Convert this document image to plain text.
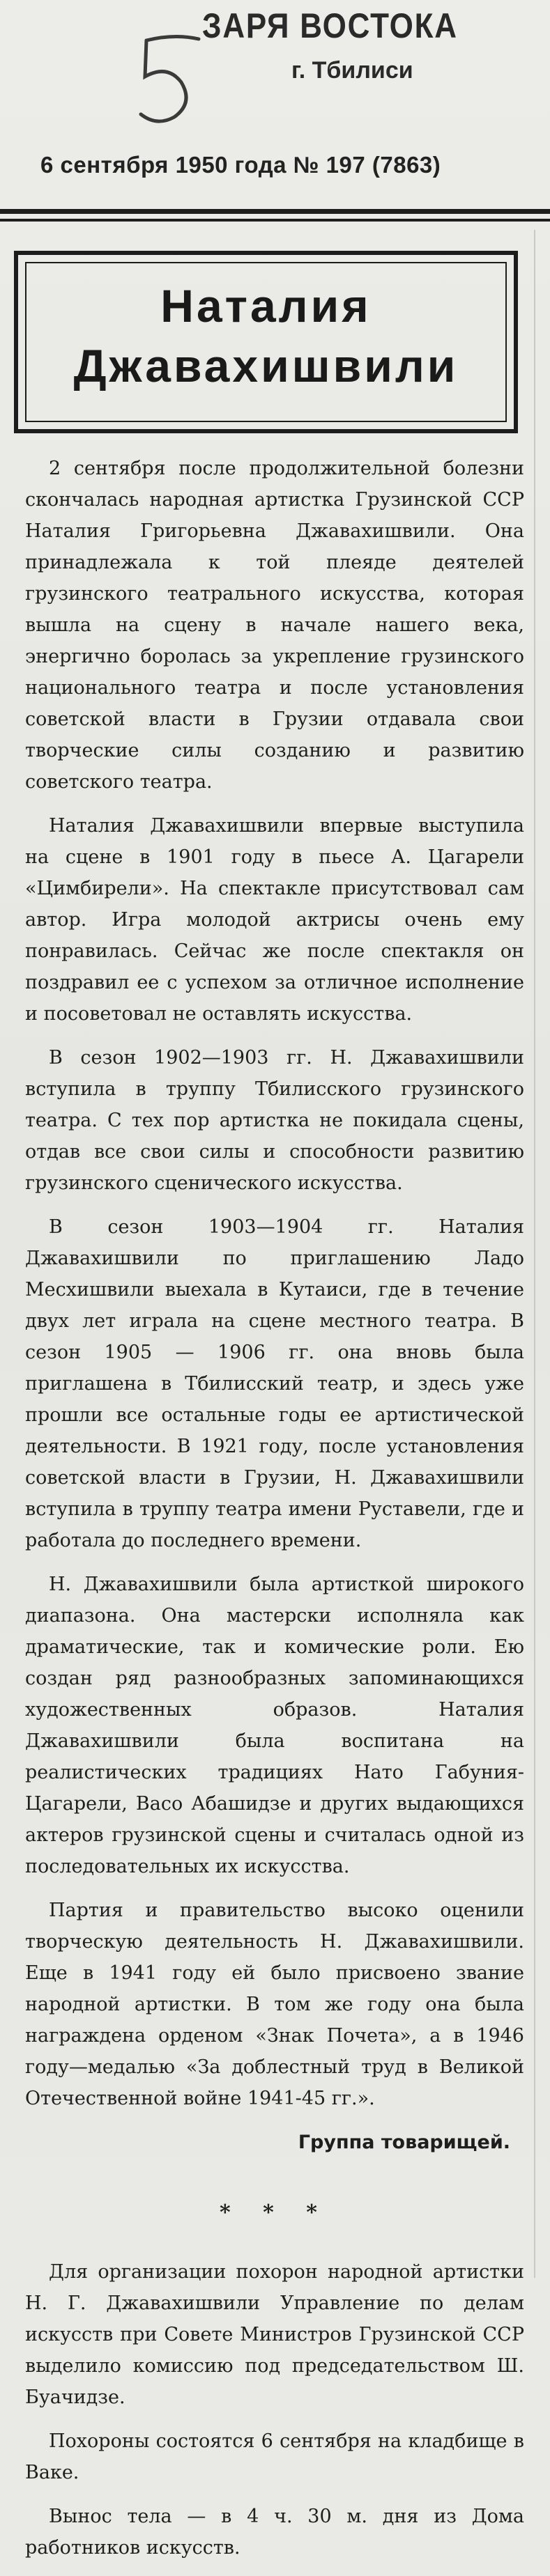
ЗАРЯ ВОСТОКА
г. Тбилиси
6 сентября 1950 года № 197 (7863)
Наталия Джавахишвили

2 сентября после продолжительной болезни скончалась народная артистка Грузинской ССР Наталия Григорьевна Джавахишвили. Она принадлежала к той плеяде деятелей грузинского театрального искусства, которая вышла на сцену в начале нашего века, энергично боролась за укрепление грузинского национального театра и после установления советской власти в Грузии отдавала свои творческие силы созданию и развитию советского театра.

Наталия Джавахишвили впервые выступила на сцене в 1901 году в пьесе А. Цагарели «Цимбирели». На спектакле присутствовал сам автор. Игра молодой актрисы очень ему понравилась. Сейчас же после спектакля он поздравил ее с успехом за отличное исполнение и посоветовал не оставлять искусства.

В сезон 1902—1903 гг. Н. Джавахишвили вступила в труппу Тбилисского грузинского театра. С тех пор артистка не покидала сцены, отдав все свои силы и способности развитию грузинского сценического искусства.

В сезон 1903—1904 гг. Наталия Джавахишвили по приглашению Ладо Месхишвили выехала в Кутаиси, где в течение двух лет играла на сцене местного театра. В сезон 1905 — 1906 гг. она вновь была приглашена в Тбилисский театр, и здесь уже прошли все остальные годы ее артистической деятельности. В 1921 году, после установления советской власти в Грузии, Н. Джавахишвили вступила в труппу театра имени Руставели, где и работала до последнего времени.

Н. Джавахишвили была артисткой широкого диапазона. Она мастерски исполняла как драматические, так и комические роли. Ею создан ряд разнообразных запоминающихся художественных образов. Наталия Джавахишвили была воспитана на реалистических традициях Нато Габуния-Цагарели, Васо Абашидзе и других выдающихся актеров грузинской сцены и считалась одной из последовательных их искусства.

Партия и правительство высоко оценили творческую деятельность Н. Джавахишвили. Еще в 1941 году ей было присвоено звание народной артистки. В том же году она была награждена орденом «Знак Почета», а в 1946 году—медалью «За доблестный труд в Великой Отечественной войне 1941-45 гг.».

Группа товарищей.
* * *

Для организации похорон народной артистки Н. Г. Джавахишвили Управление по делам искусств при Совете Министров Грузинской ССР выделило комиссию под председательством Ш. Буачидзе.

Похороны состоятся 6 сентября на кладбище в Ваке.

Вынос тела — в 4 ч. 30 м. дня из Дома работников искусств.
